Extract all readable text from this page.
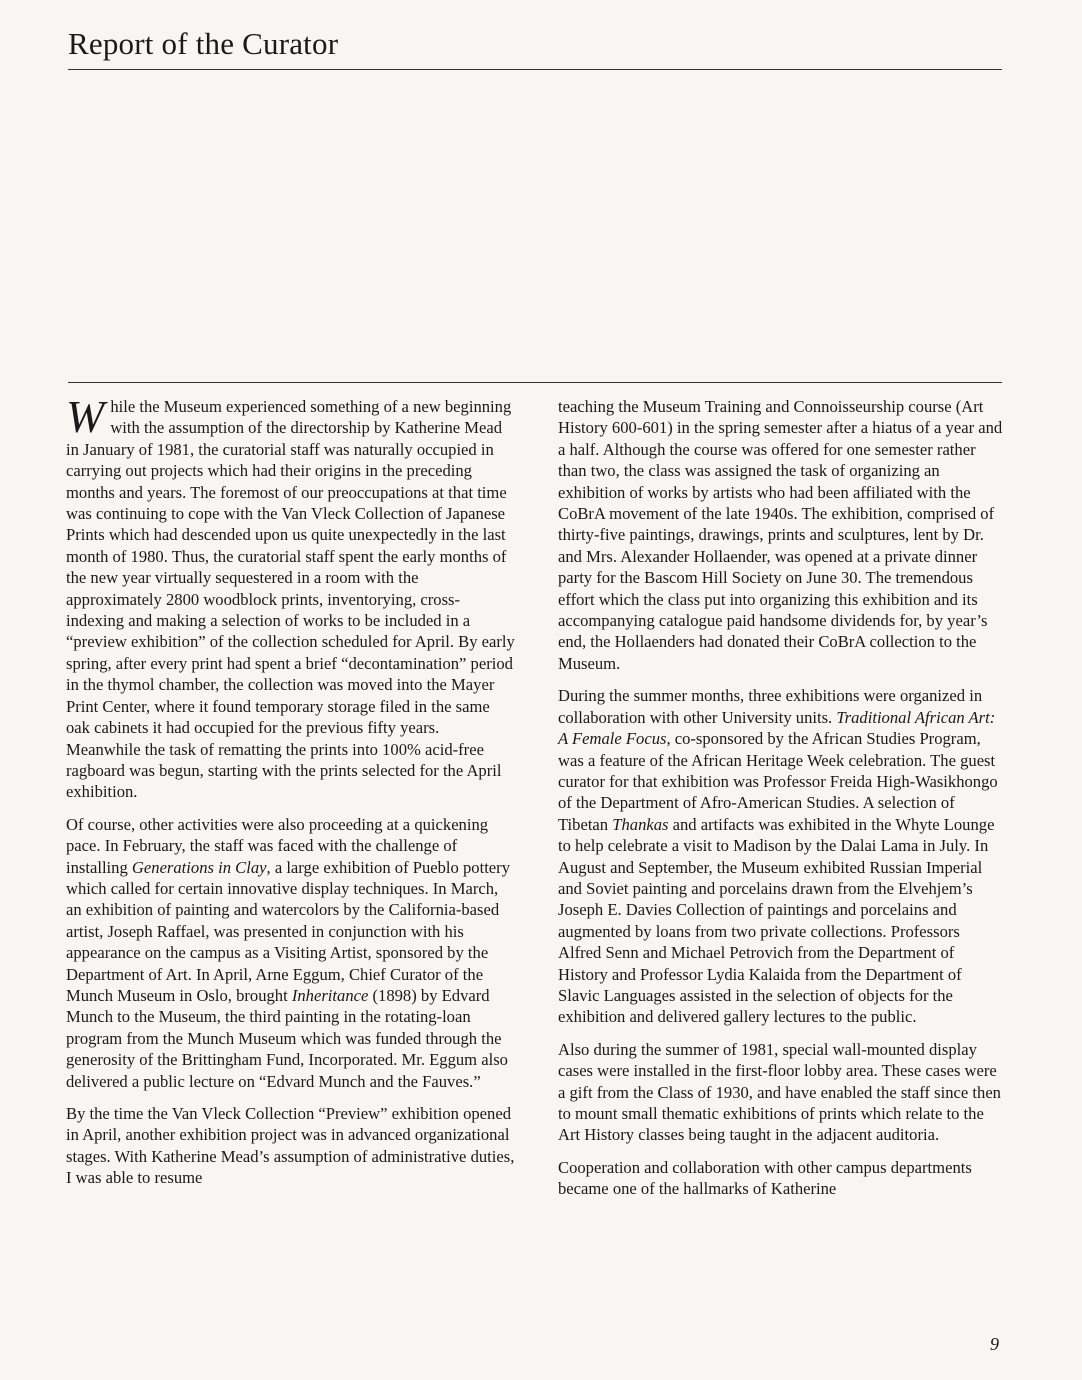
Report of the Curator

While the Museum experienced something of a new beginning with the assumption of the directorship by Katherine Mead in January of 1981, the curatorial staff was naturally occupied in carrying out projects which had their origins in the preceding months and years. The foremost of our preoccupations at that time was continuing to cope with the Van Vleck Collection of Japanese Prints which had descended upon us quite unexpectedly in the last month of 1980. Thus, the curatorial staff spent the early months of the new year virtually sequestered in a room with the approximately 2800 woodblock prints, inventorying, cross-indexing and making a selection of works to be included in a “preview exhibition” of the collection scheduled for April. By early spring, after every print had spent a brief “decontamination” period in the thymol chamber, the collection was moved into the Mayer Print Center, where it found temporary storage filed in the same oak cabinets it had occupied for the previous fifty years. Meanwhile the task of rematting the prints into 100% acid-free ragboard was begun, starting with the prints selected for the April exhibition.

Of course, other activities were also proceeding at a quickening pace. In February, the staff was faced with the challenge of installing Generations in Clay, a large exhibition of Pueblo pottery which called for certain innovative display techniques. In March, an exhibition of painting and watercolors by the California-based artist, Joseph Raffael, was presented in conjunction with his appearance on the campus as a Visiting Artist, sponsored by the Department of Art. In April, Arne Eggum, Chief Curator of the Munch Museum in Oslo, brought Inheritance (1898) by Edvard Munch to the Museum, the third painting in the rotating-loan program from the Munch Museum which was funded through the generosity of the Brittingham Fund, Incorporated. Mr. Eggum also delivered a public lecture on “Edvard Munch and the Fauves.”

By the time the Van Vleck Collection “Preview” exhibition opened in April, another exhibition project was in advanced organizational stages. With Katherine Mead’s assumption of administrative duties, I was able to resume

teaching the Museum Training and Connoisseurship course (Art History 600-601) in the spring semester after a hiatus of a year and a half. Although the course was offered for one semester rather than two, the class was assigned the task of organizing an exhibition of works by artists who had been affiliated with the CoBrA movement of the late 1940s. The exhibition, comprised of thirty-five paintings, drawings, prints and sculptures, lent by Dr. and Mrs. Alexander Hollaender, was opened at a private dinner party for the Bascom Hill Society on June 30. The tremendous effort which the class put into organizing this exhibition and its accompanying catalogue paid handsome dividends for, by year’s end, the Hollaenders had donated their CoBrA collection to the Museum.

During the summer months, three exhibitions were organized in collaboration with other University units. Traditional African Art: A Female Focus, co-sponsored by the African Studies Program, was a feature of the African Heritage Week celebration. The guest curator for that exhibition was Professor Freida High-Wasikhongo of the Department of Afro-American Studies. A selection of Tibetan Thankas and artifacts was exhibited in the Whyte Lounge to help celebrate a visit to Madison by the Dalai Lama in July. In August and September, the Museum exhibited Russian Imperial and Soviet painting and porcelains drawn from the Elvehjem’s Joseph E. Davies Collection of paintings and porcelains and augmented by loans from two private collections. Professors Alfred Senn and Michael Petrovich from the Department of History and Professor Lydia Kalaida from the Department of Slavic Languages assisted in the selection of objects for the exhibition and delivered gallery lectures to the public.

Also during the summer of 1981, special wall-mounted display cases were installed in the first-floor lobby area. These cases were a gift from the Class of 1930, and have enabled the staff since then to mount small thematic exhibitions of prints which relate to the Art History classes being taught in the adjacent auditoria.

Cooperation and collaboration with other campus departments became one of the hallmarks of Katherine

9
